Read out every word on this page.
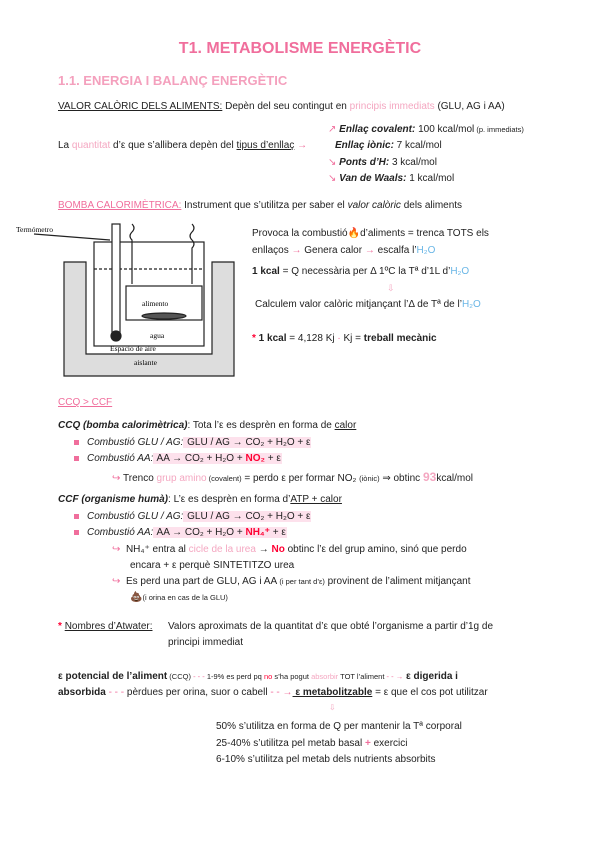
T1. METABOLISME ENERGÈTIC
1.1. ENERGIA I BALANÇ ENERGÈTIC
VALOR CALÒRIC DELS ALIMENTS: Depèn del seu contingut en principis immediats (GLU, AG i AA)
↗ Enllaç covalent: 100 kcal/mol (p. immediats)
La quantitat d’ε que s’allibera depèn del tipus d’enllaç →	Enllaç iònic: 7 kcal/mol
↘ Ponts d’H: 3 kcal/mol
↘ Van de Waals: 1 kcal/mol
BOMBA CALORIMÈTRICA: Instrument que s’utilitza per saber el valor calòric dels aliments
Termómetro
alimento
agua
Espacio de aire
aislante
Provoca la combustió🔥d’aliments = trenca TOTS els
enllaços → Genera calor → escalfa l’H₂O
1 kcal = Q necessària per Δ 1ºC la Tª d’1L d’H₂O
⇩
Calculem valor calòric mitjançant l’Δ de Tª de l’H₂O
* 1 kcal = 4,128 Kj · Kj = treball mecànic
CCQ > CCF
CCQ (bomba calorimètrica): Tota l’ε es desprèn en forma de calor
Combustió GLU / AG: GLU / AG → CO₂ + H₂O + ε
Combustió AA: AA → CO₂ + H₂O + NO₂ + ε
↪ Trenco grup amino (covalent) = perdo ε per formar NO₂ (iònic) ⇒ obtinc 93kcal/mol
CCF (organisme humà): L’ε es desprèn en forma d’ATP + calor
Combustió GLU / AG: GLU / AG → CO₂ + H₂O + ε
Combustió AA: AA → CO₂ + H₂O + NH₄⁺ + ε
↪ NH₄⁺ entra al cicle de la urea → No obtinc l’ε del grup amino, sinó que perdo
encara + ε perquè SINTETITZO urea
↪ Es perd una part de GLU, AG i AA (i per tant d’ε) provinent de l’aliment mitjançant
💩(i orina en cas de la GLU)
* Nombres d’Atwater: Valors aproximats de la quantitat d’ε que obté l’organisme a partir d’1g de
principi immediat
ε potencial de l’aliment (CCQ) - - - 1-9% es perd pq no s’ha pogut absorbir TOT l’aliment - - → ε digerida i
absorbida - - - pèrdues per orina, suor o cabell - - → ε metabolitzable = ε que el cos pot utilitzar
⇩
50% s’utilitza en forma de Q per mantenir la Tª corporal
25-40% s’utilitza pel metab basal + exercici
6-10% s’utilitza pel metab dels nutrients absorbits
